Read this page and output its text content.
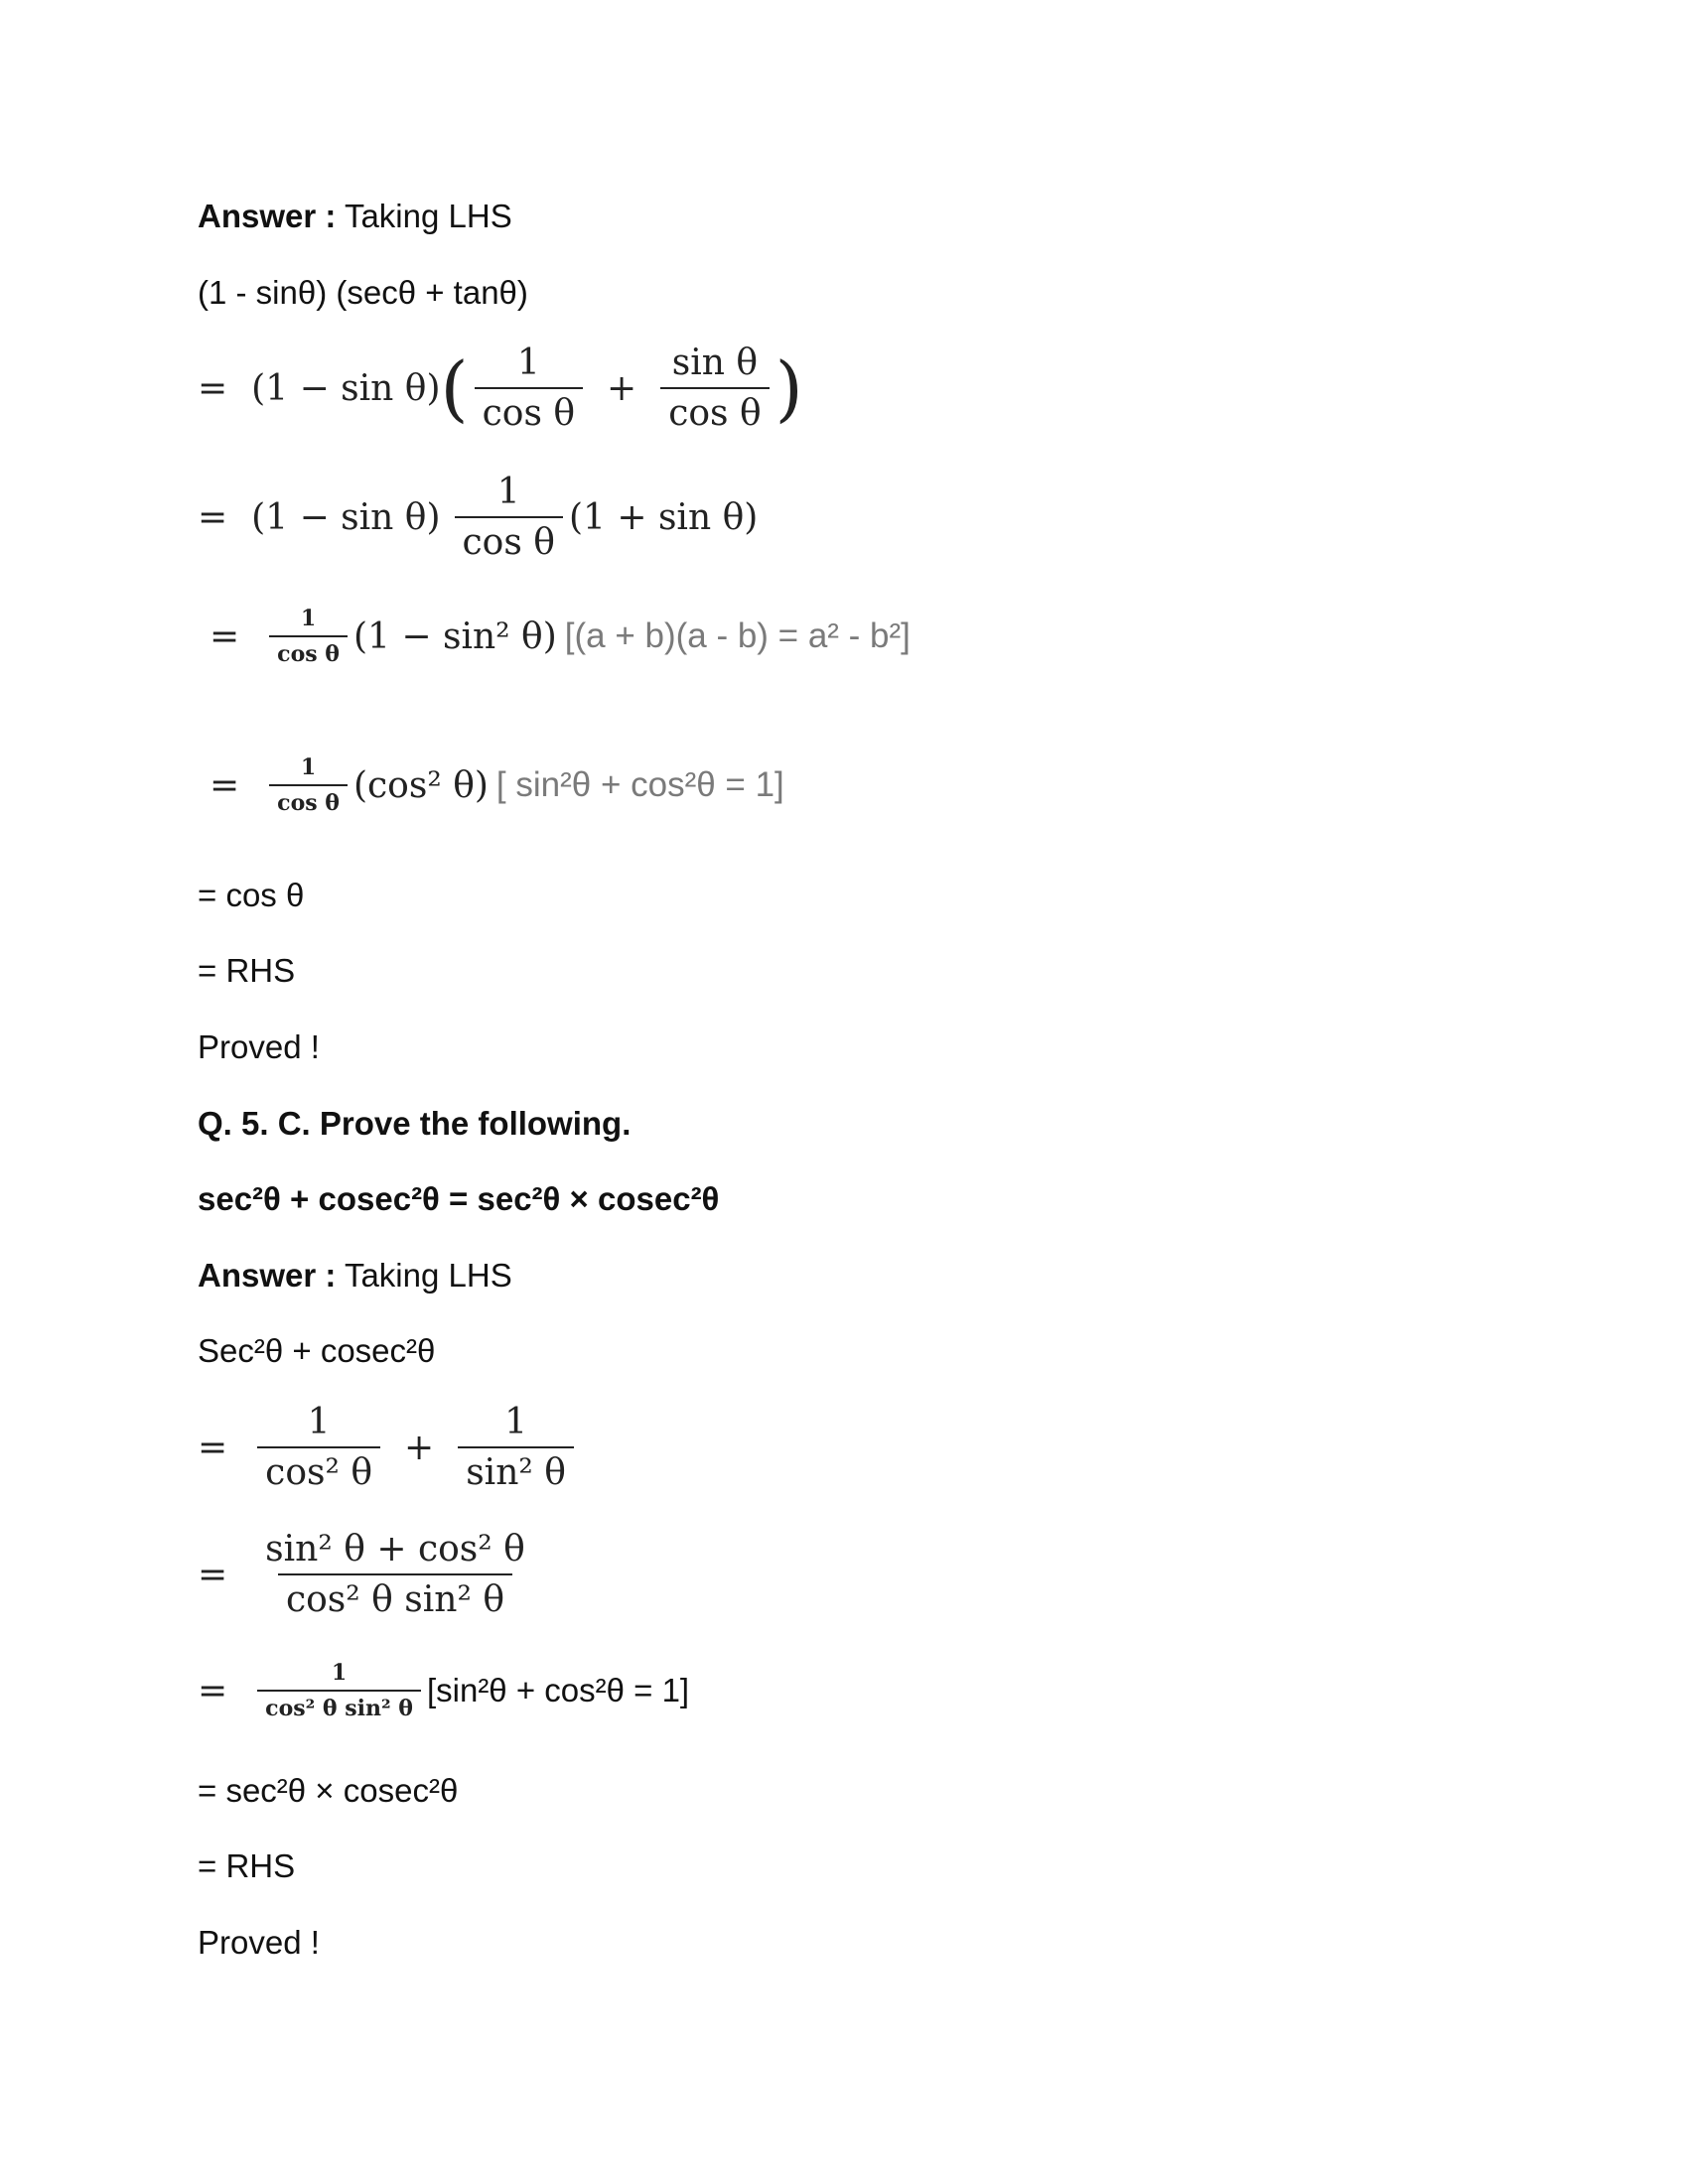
Answer : Taking LHS
(1 - sinθ) (secθ + tanθ)
= (1 − sin θ) ( $\frac{1}{\text{cos θ}} + \frac{\text{sin θ}}{\text{cos θ}}$ )
= $(1 - \sin \theta) \frac{1}{\text{cos θ}} (1 + \sin \theta)$
= $\frac{1}{\text{cos θ}} (1 - \sin^2$ θ) [(a + b)(a - b) = a² - b²]
= $\frac{1}{\text{cos θ}} (\cos^2$ θ) [ sin²θ + cos²θ = 1]
= cos θ
= RHS
Proved !
Q. 5. C. Prove the following.
sec²θ + cosec²θ = sec²θ × cosec²θ
Answer : Taking LHS
Sec²θ + cosec²θ
= $\frac{1}{\text{cos² θ}} + \frac{1}{\text{sin² θ}}$
= $\frac{\text{sin² θ + cos² θ}}{\text{cos² θ sin² θ}}$
= $\frac{1}{\text{cos² θ sin² θ}} [\sin^2\theta + \cos^2\theta = 1]$
= sec²θ × cosec²θ
= RHS
Proved !
